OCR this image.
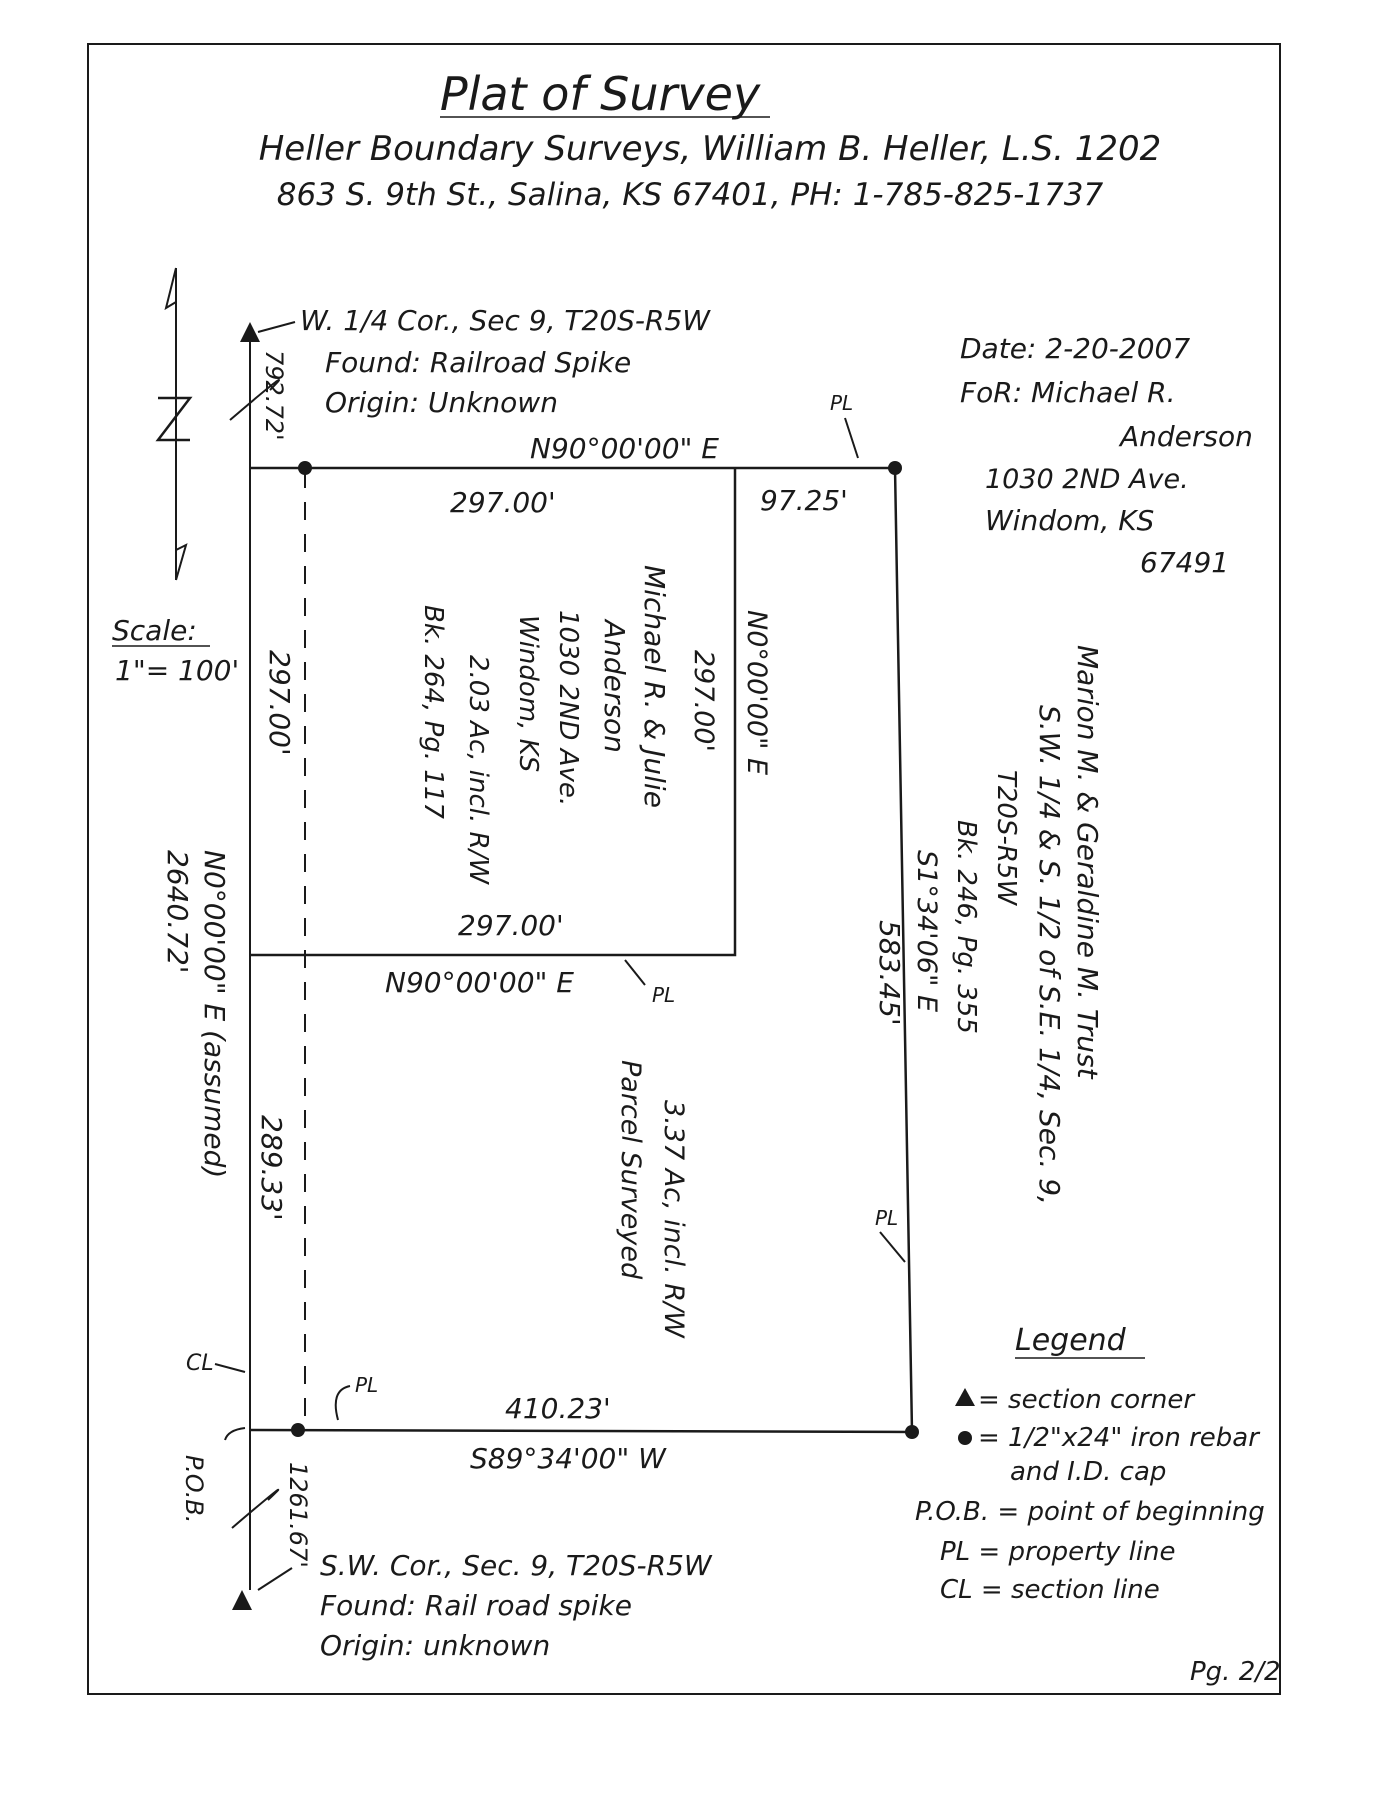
Plat of Survey
Heller Boundary Surveys, William B. Heller, L.S. 1202
863 S. 9th St., Salina, KS 67401, PH: 1-785-825-1737
Date: 2-20-2007
FoR: Michael R.
Anderson
1030 2ND Ave.
Windom, KS
67491
N
Scale:
1"= 100'
W. 1/4 Cor., Sec 9, T20S-R5W
Found: Railroad Spike
Origin: Unknown
N90°00'00" E
297.00'	97.25'
PL
792.72'
297.00'	297.00' N0°00'00" E
Michael R. & Julie
Anderson
1030 2ND Ave.
Windom, KS
2.03 Ac, incl. R/W
Bk. 264, Pg. 117
297.00'
N90°00'00" E	PL	583.45' S1°34'06" E
PL
Marion M. & Geraldine M. Trust
S.W. 1/4 & S. 1/2 of S.E. 1/4, Sec. 9,
T20S-R5W
Bk. 246, Pg. 355
3.37 Ac, incl. R/W
Parcel Surveyed
289.33'
N0°00'00" E (assumed)
2640.72'
410.23'
S89°34'00" W
PL
CL
P.O.B.	1261.67' S.W. Cor., Sec. 9, T20S-R5W
Found: Rail road spike
Origin: unknown
Legend
= section corner
= 1/2"x24" iron rebar
and I.D. cap
P.O.B. = point of beginning
PL = property line
CL = section line
Pg. 2/2
